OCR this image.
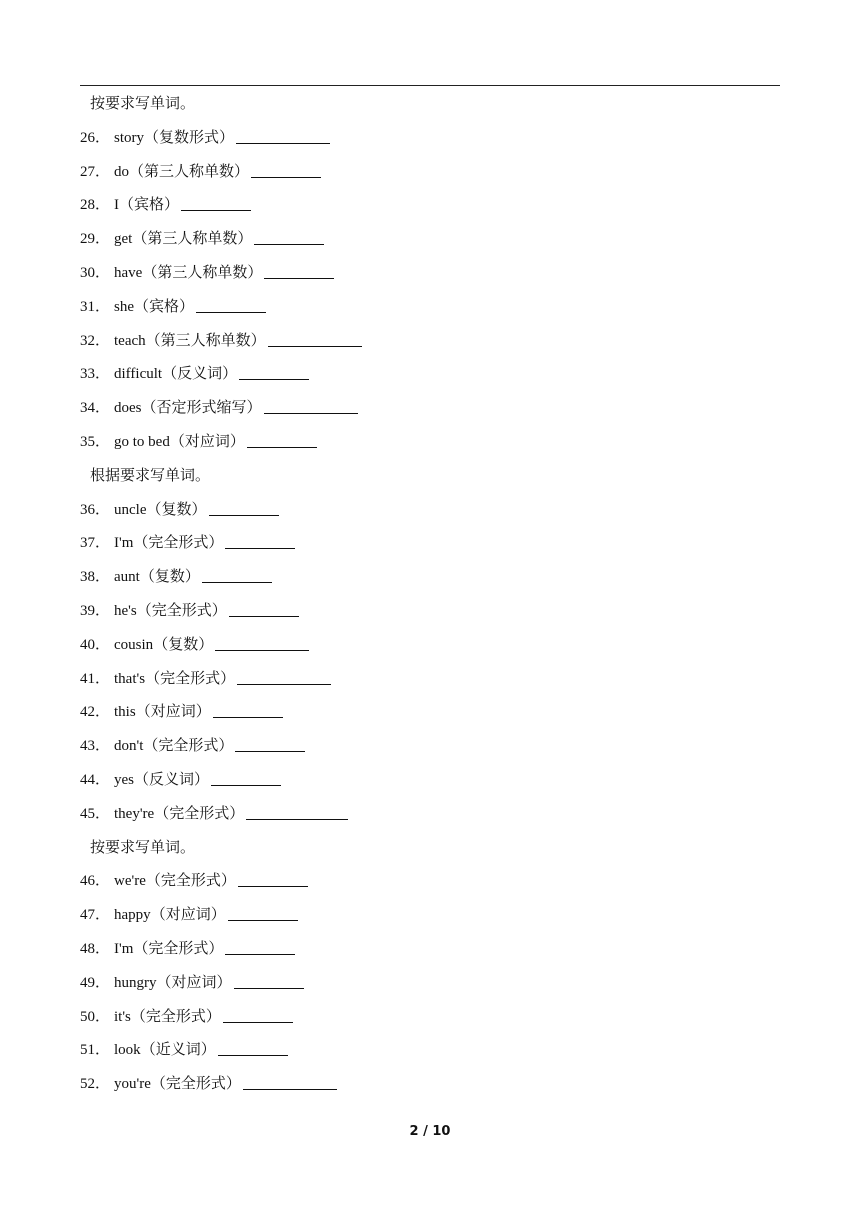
按要求写单词。
26． story （复数形式）
27． do （第三人称单数）
28． I （宾格）
29． get （第三人称单数）
30． have （第三人称单数）
31． she （宾格）
32． teach （第三人称单数）
33． difficult （反义词）
34． does （否定形式缩写）
35． go to bed （对应词）
根据要求写单词。
36． uncle （复数）
37． I'm （完全形式）
38． aunt （复数）
39． he's （完全形式）
40． cousin （复数）
41． that's （完全形式）
42． this （对应词）
43． don't （完全形式）
44． yes （反义词）
45． they're （完全形式）
按要求写单词。
46． we're （完全形式）
47． happy （对应词）
48． I'm （完全形式）
49． hungry （对应词）
50． it's （完全形式）
51． look （近义词）
52． you're （完全形式）
2 / 10
